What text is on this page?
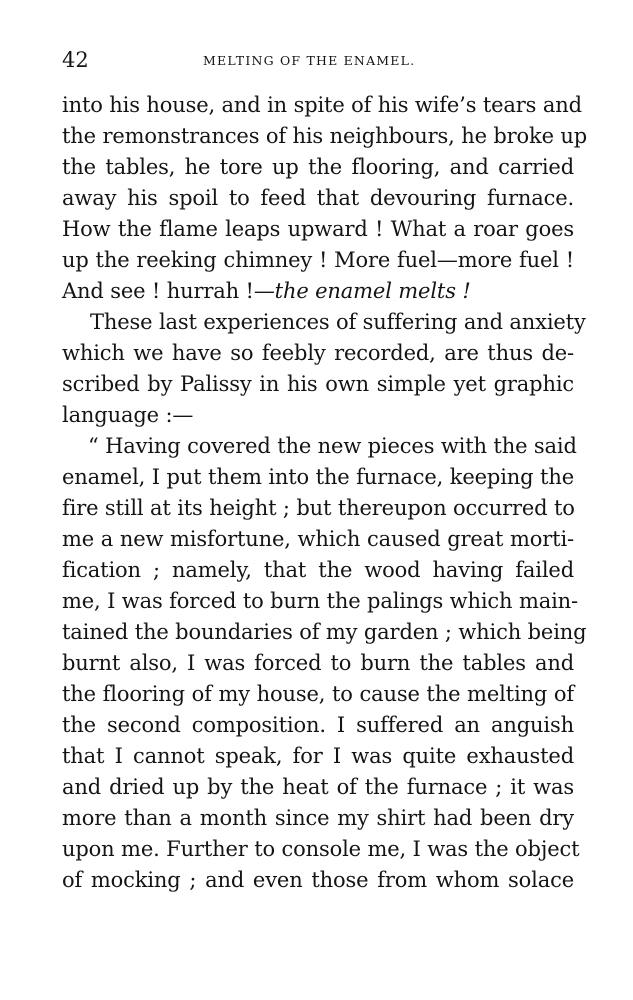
42	MELTING OF THE ENAMEL.
into his house, and in spite of his wife’s tears and
the remonstrances of his neighbours, he broke up
the tables, he tore up the flooring, and carried
away his spoil to feed that devouring furnace.
How the flame leaps upward ! What a roar goes
up the reeking chimney ! More fuel—more fuel !
And see ! hurrah !—the enamel melts !
These last experiences of suffering and anxiety
which we have so feebly recorded, are thus de-
scribed by Palissy in his own simple yet graphic
language :—
“ Having covered the new pieces with the said
enamel, I put them into the furnace, keeping the
fire still at its height ; but thereupon occurred to
me a new misfortune, which caused great morti-
fication ; namely, that the wood having failed
me, I was forced to burn the palings which main-
tained the boundaries of my garden ; which being
burnt also, I was forced to burn the tables and
the flooring of my house, to cause the melting of
the second composition. I suffered an anguish
that I cannot speak, for I was quite exhausted
and dried up by the heat of the furnace ; it was
more than a month since my shirt had been dry
upon me. Further to console me, I was the object
of mocking ; and even those from whom solace
